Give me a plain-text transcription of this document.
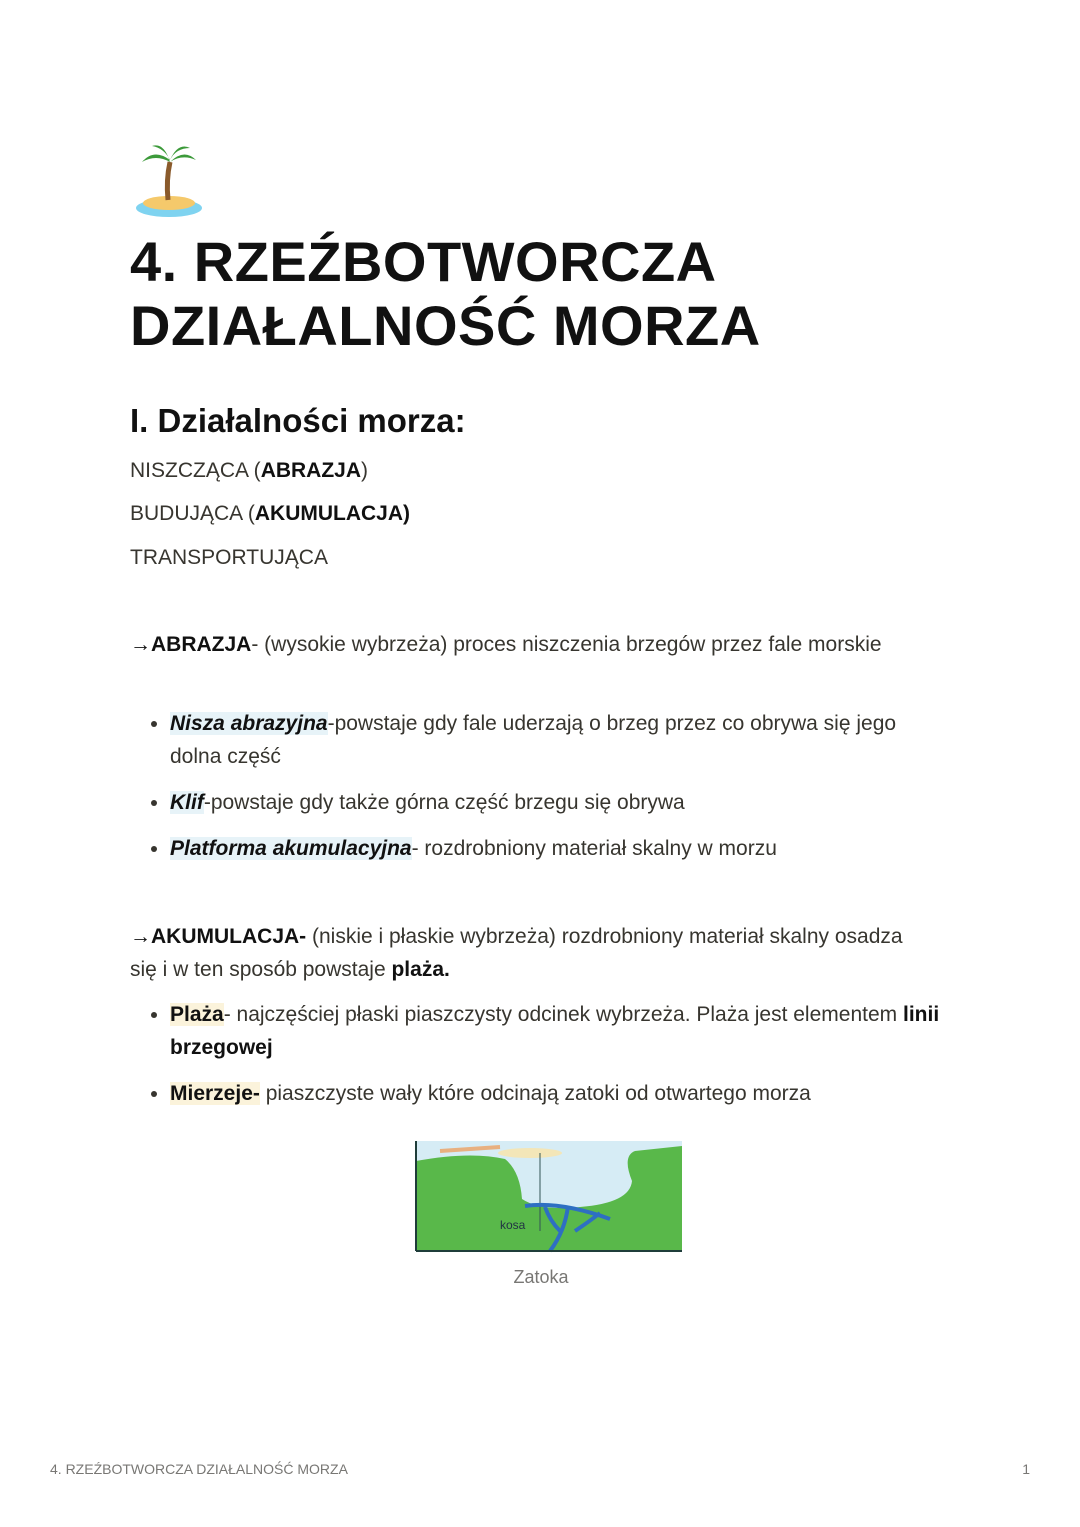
4. RZEŹBOTWORCZA
DZIAŁALNOŚĆ MORZA
I. Działalności morza:
NISZCZĄCA (ABRAZJA)
BUDUJĄCA (AKUMULACJA)
TRANSPORTUJĄCA
→ABRAZJA- (wysokie wybrzeża) proces niszczenia brzegów przez fale morskie
• Nisza abrazyjna-powstaje gdy fale uderzają o brzeg przez co obrywa się jego dolna część
• Klif-powstaje gdy także górna część brzegu się obrywa
• Platforma akumulacyjna- rozdrobniony materiał skalny w morzu
→AKUMULACJA- (niskie i płaskie wybrzeża) rozdrobniony materiał skalny osadza się i w ten sposób powstaje plaża.
• Plaża- najczęściej płaski piaszczysty odcinek wybrzeża. Plaża jest elementem linii brzegowej
• Mierzeje- piaszczyste wały które odcinają zatoki od otwartego morza
kosa
Zatoka
4. RZEŹBOTWORCZA DZIAŁALNOŚĆ MORZA	1
